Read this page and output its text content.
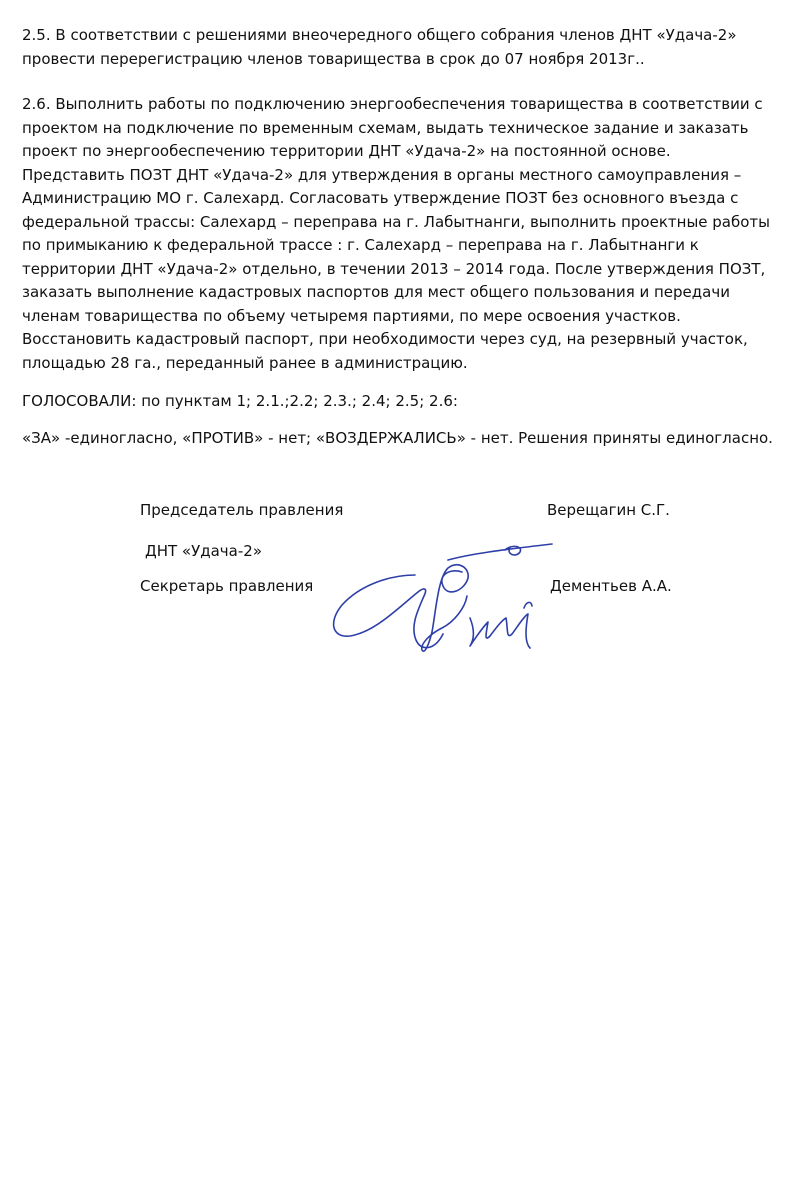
2.5. В соответствии с решениями внеочередного общего собрания членов ДНТ «Удача-2»
провести перерегистрацию членов товарищества в срок до 07 ноября 2013г..

2.6. Выполнить работы по подключению энергообеспечения товарищества в соответствии с
проектом на подключение по временным схемам, выдать техническое задание и заказать
проект по энергообеспечению территории ДНТ «Удача-2» на постоянной основе.
Представить ПОЗТ ДНТ «Удача-2» для утверждения в органы местного самоуправления –
Администрацию МО г. Салехард. Согласовать утверждение ПОЗТ без основного въезда с
федеральной трассы: Салехард – переправа на г. Лабытнанги, выполнить проектные работы
по примыканию к федеральной трассе : г. Салехард – переправа на г. Лабытнанги к
территории ДНТ «Удача-2» отдельно, в течении 2013 – 2014 года. После утверждения ПОЗТ,
заказать выполнение кадастровых паспортов для мест общего пользования и передачи
членам товарищества по объему четыремя партиями, по мере освоения участков.
Восстановить кадастровый паспорт, при необходимости через суд, на резервный участок,
площадью 28 га., переданный ранее в администрацию.

ГОЛОСОВАЛИ: по пунктам 1; 2.1.;2.2; 2.3.; 2.4; 2.5; 2.6:

«ЗА» -единогласно, «ПРОТИВ» - нет; «ВОЗДЕРЖАЛИСЬ» - нет. Решения приняты единогласно.

Председатель правления	Верещагин С.Г.
ДНТ «Удача-2»
Секретарь правления	Дементьев А.А.
